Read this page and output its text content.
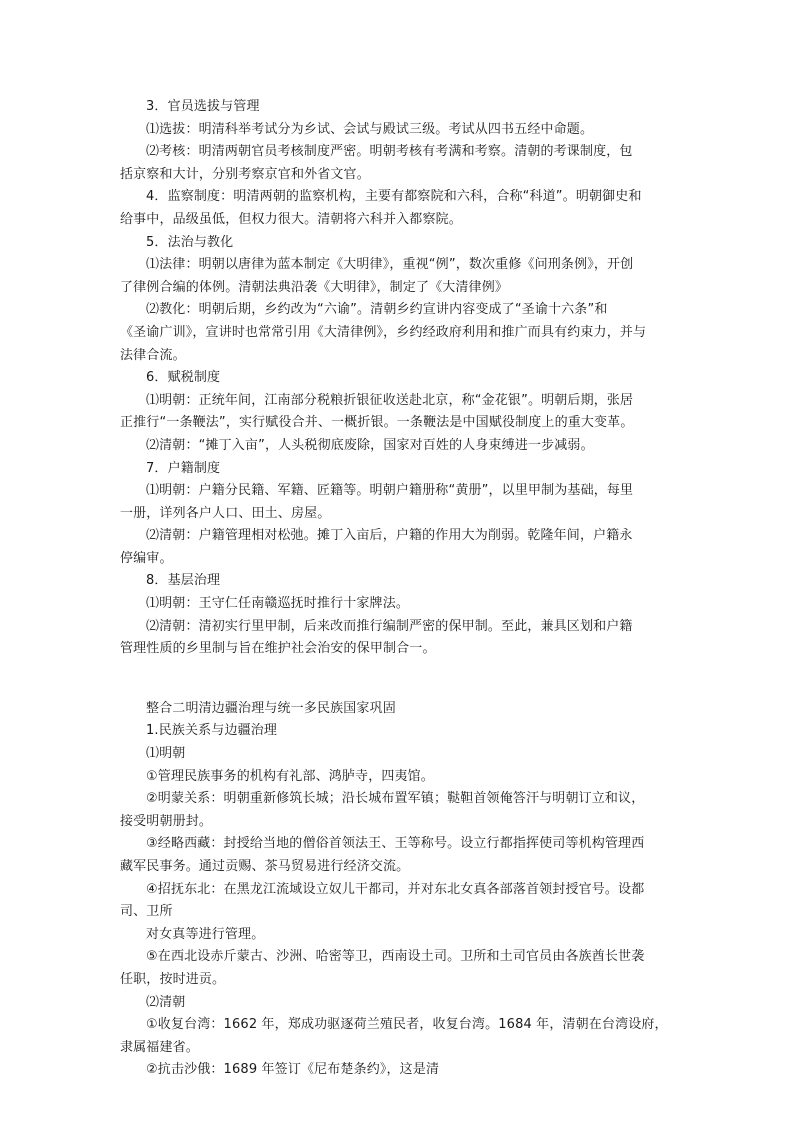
3．官员选拔与管理
⑴选拔：明清科举考试分为乡试、会试与殿试三级。考试从四书五经中命题。
⑵考核：明清两朝官员考核制度严密。明朝考核有考满和考察。清朝的考课制度，包
括京察和大计，分别考察京官和外省文官。
4．监察制度：明清两朝的监察机构，主要有都察院和六科，合称“科道”。明朝御史和
给事中，品级虽低，但权力很大。清朝将六科并入都察院。
5．法治与教化
⑴法律：明朝以唐律为蓝本制定《大明律》，重视“例”，数次重修《问刑条例》，开创
了律例合编的体例。清朝法典沿袭《大明律》，制定了《大清律例》
⑵教化：明朝后期，乡约改为“六谕”。清朝乡约宣讲内容变成了“圣谕十六条”和
《圣谕广训》，宣讲时也常常引用《大清律例》，乡约经政府利用和推广而具有约束力，并与
法律合流。
6．赋税制度
⑴明朝：正统年间，江南部分税粮折银征收送赴北京，称“金花银”。明朝后期，张居
正推行“一条鞭法”，实行赋役合并、一概折银。一条鞭法是中国赋役制度上的重大变革。
⑵清朝：“摊丁入亩”，人头税彻底废除，国家对百姓的人身束缚进一步减弱。
7．户籍制度
⑴明朝：户籍分民籍、军籍、匠籍等。明朝户籍册称“黄册”，以里甲制为基础，每里
一册，详列各户人口、田土、房屋。
⑵清朝：户籍管理相对松弛。摊丁入亩后，户籍的作用大为削弱。乾隆年间，户籍永
停编审。
8．基层治理
⑴明朝：王守仁任南赣巡抚时推行十家牌法。
⑵清朝：清初实行里甲制，后来改而推行编制严密的保甲制。至此，兼具区划和户籍
管理性质的乡里制与旨在维护社会治安的保甲制合一。
整合二明清边疆治理与统一多民族国家巩固
1.民族关系与边疆治理
⑴明朝
①管理民族事务的机构有礼部、鸿胪寺，四夷馆。
②明蒙关系：明朝重新修筑长城；沿长城布置军镇；鞑靼首领俺答汗与明朝订立和议，
接受明朝册封。
③经略西藏：封授给当地的僧俗首领法王、王等称号。设立行都指挥使司等机构管理西
藏军民事务。通过贡赐、茶马贸易进行经济交流。
④招抚东北：在黑龙江流域设立奴儿干都司，并对东北女真各部落首领封授官号。设都
司、卫所
对女真等进行管理。
⑤在西北设赤斤蒙古、沙洲、哈密等卫，西南设土司。卫所和土司官员由各族酋长世袭
任职，按时进贡。
⑵清朝
①收复台湾：1662 年，郑成功驱逐荷兰殖民者，收复台湾。1684 年，清朝在台湾设府，
隶属福建省。
②抗击沙俄：1689 年签订《尼布楚条约》，这是清
